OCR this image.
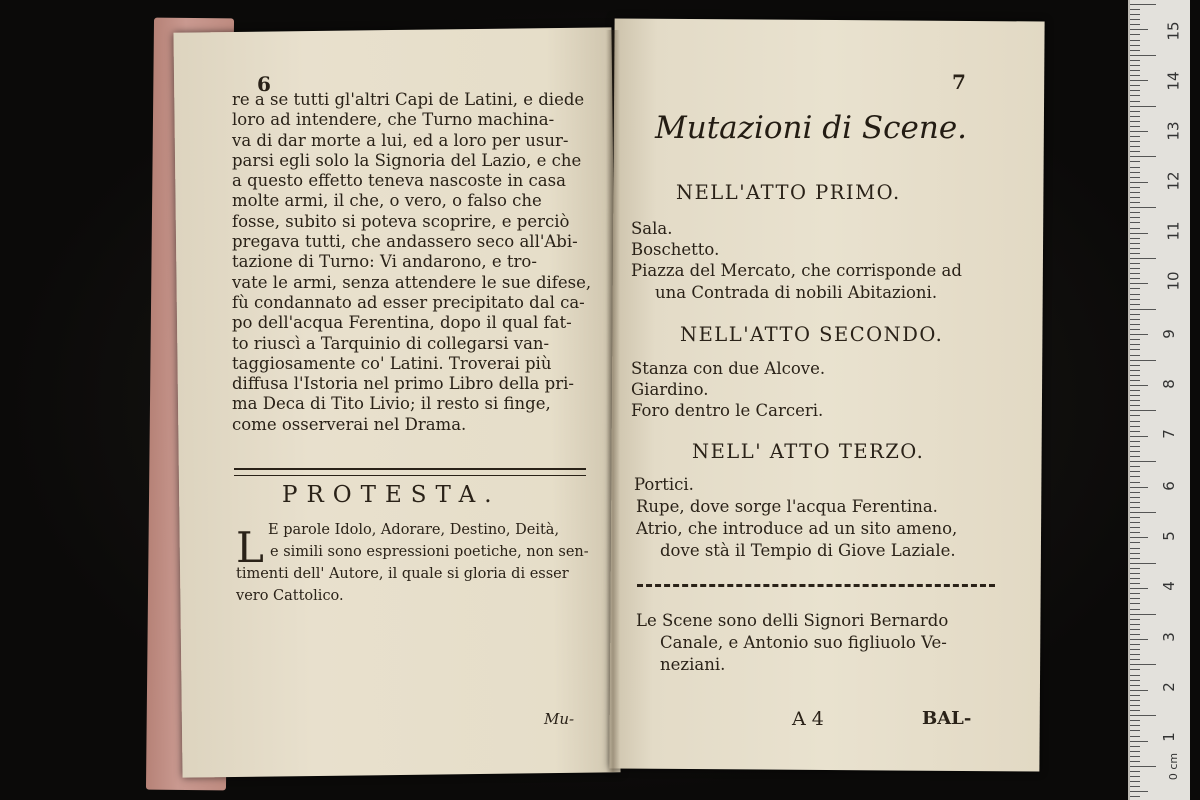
6
re a se tutti gl'altri Capi de Latini, e diede
loro ad intendere, che Turno machina-
va di dar morte a lui, ed a loro per usur-
parsi egli solo la Signoria del Lazio, e che
a questo effetto teneva nascoste in casa
molte armi, il che, o vero, o falso che
fosse, subito si poteva scoprire, e perciò
pregava tutti, che andassero seco all'Abi-
tazione di Turno: Vi andarono, e tro-
vate le armi, senza attendere le sue difese,
fù condannato ad esser precipitato dal ca-
po dell'acqua Ferentina, dopo il qual fat-
to riuscì a Tarquinio di collegarsi van-
taggiosamente co' Latini. Troverai più
diffusa l'Istoria nel primo Libro della pri-
ma Deca di Tito Livio; il resto si finge,
come osserverai nel Drama.
PROTESTA.
L E parole Idolo, Adorare, Destino, Deità,
e simili sono espressioni poetiche, non sen-
timenti dell' Autore, il quale si gloria di esser
vero Cattolico.
Mu-
7
Mutazioni di Scene.
NELL'ATTO PRIMO.
Sala.
Boschetto.
Piazza del Mercato, che corrisponde ad
una Contrada di nobili Abitazioni.
NELL'ATTO SECONDO.
Stanza con due Alcove.
Giardino.
Foro dentro le Carceri.
NELL' ATTO TERZO.
Portici.
Rupe, dove sorge l'acqua Ferentina.
Atrio, che introduce ad un sito ameno,
dove stà il Tempio di Giove Laziale.
Le Scene sono delli Signori Bernardo
Canale, e Antonio suo figliuolo Ve-
neziani.
A 4	BAL-
15
14
13
12
11
10
9
8
7
6
5
4
3
2
1
0 cm
